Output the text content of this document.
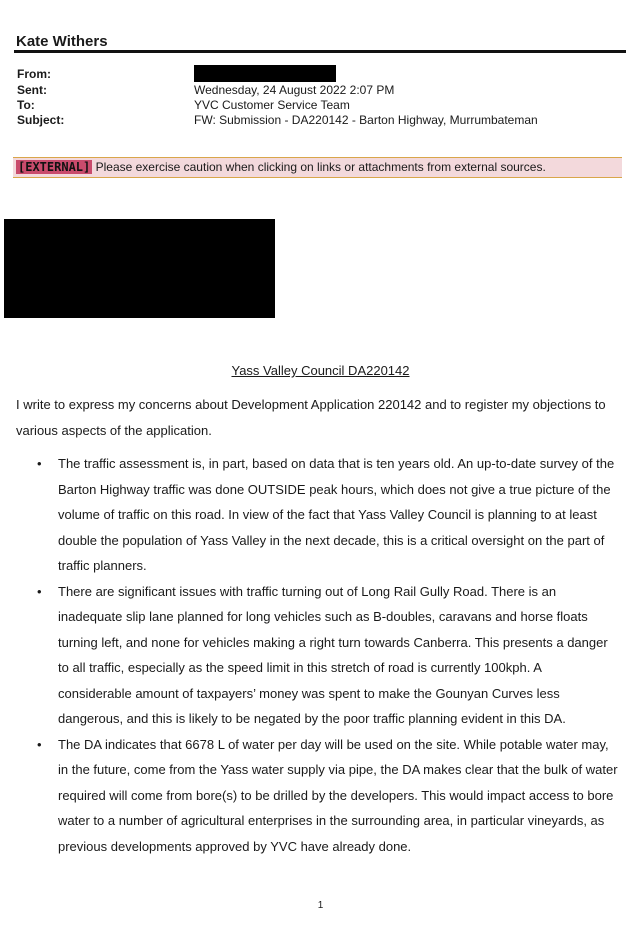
Kate Withers
From:
Sent:	Wednesday, 24 August 2022 2:07 PM
To:	YVC Customer Service Team
Subject:	FW: Submission - DA220142 - Barton Highway, Murrumbateman
[EXTERNAL] Please exercise caution when clicking on links or attachments from external sources.
Yass Valley Council DA220142

I write to express my concerns about Development Application 220142 and to register my objections to various aspects of the application.

• The traffic assessment is, in part, based on data that is ten years old. An up-to-date survey of the Barton Highway traffic was done OUTSIDE peak hours, which does not give a true picture of the volume of traffic on this road. In view of the fact that Yass Valley Council is planning to at least double the population of Yass Valley in the next decade, this is a critical oversight on the part of traffic planners.
• There are significant issues with traffic turning out of Long Rail Gully Road. There is an inadequate slip lane planned for long vehicles such as B-doubles, caravans and horse floats turning left, and none for vehicles making a right turn towards Canberra. This presents a danger to all traffic, especially as the speed limit in this stretch of road is currently 100kph. A considerable amount of taxpayers’ money was spent to make the Gounyan Curves less dangerous, and this is likely to be negated by the poor traffic planning evident in this DA.
• The DA indicates that 6678 L of water per day will be used on the site. While potable water may, in the future, come from the Yass water supply via pipe, the DA makes clear that the bulk of water required will come from bore(s) to be drilled by the developers. This would impact access to bore water to a number of agricultural enterprises in the surrounding area, in particular vineyards, as previous developments approved by YVC have already done.
1
